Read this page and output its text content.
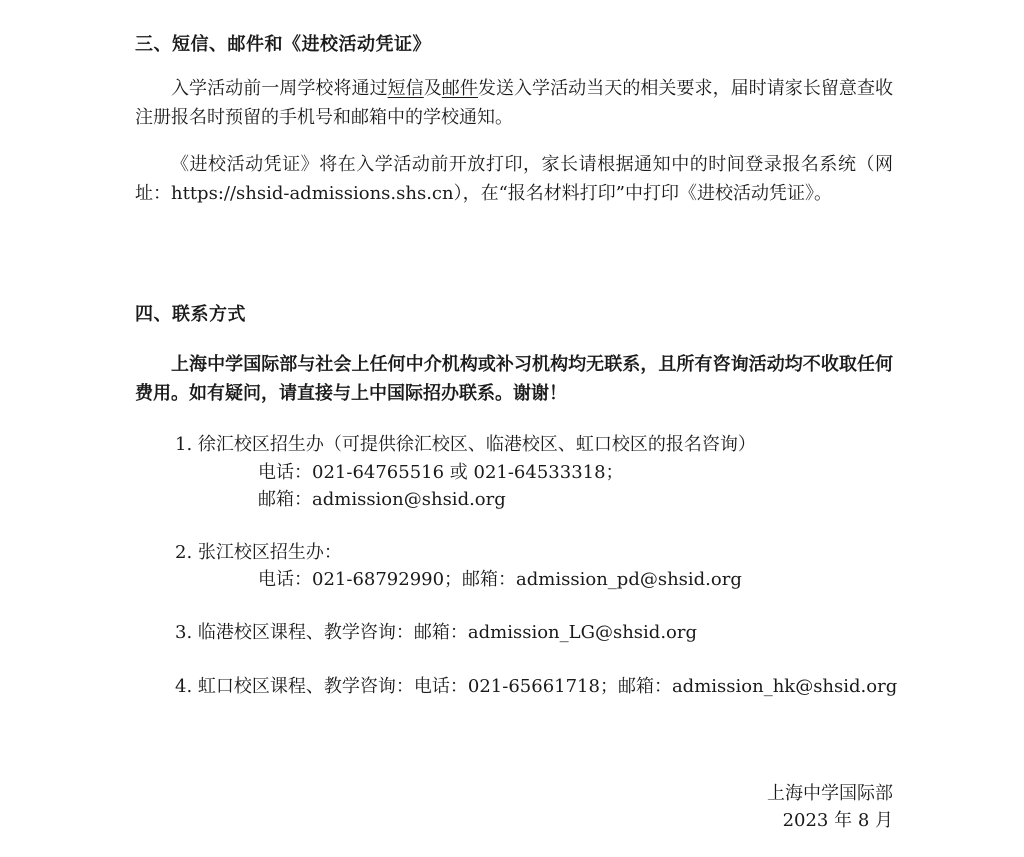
三、短信、邮件和《进校活动凭证》
入学活动前一周学校将通过短信及邮件发送入学活动当天的相关要求，届时请家长留意查收注册报名时预留的手机号和邮箱中的学校通知。
《进校活动凭证》将在入学活动前开放打印，家长请根据通知中的时间登录报名系统（网址：https://shsid-admissions.shs.cn），在“报名材料打印”中打印《进校活动凭证》。
四、联系方式
上海中学国际部与社会上任何中介机构或补习机构均无联系，且所有咨询活动均不收取任何费用。如有疑问，请直接与上中国际招办联系。谢谢！
1. 徐汇校区招生办（可提供徐汇校区、临港校区、虹口校区的报名咨询）
电话：021-64765516 或 021-64533318；
邮箱：admission@shsid.org
2. 张江校区招生办：
电话：021-68792990；邮箱：admission_pd@shsid.org
3. 临港校区课程、教学咨询：邮箱：admission_LG@shsid.org
4. 虹口校区课程、教学咨询：电话：021-65661718；邮箱：admission_hk@shsid.org
上海中学国际部
2023 年 8 月
